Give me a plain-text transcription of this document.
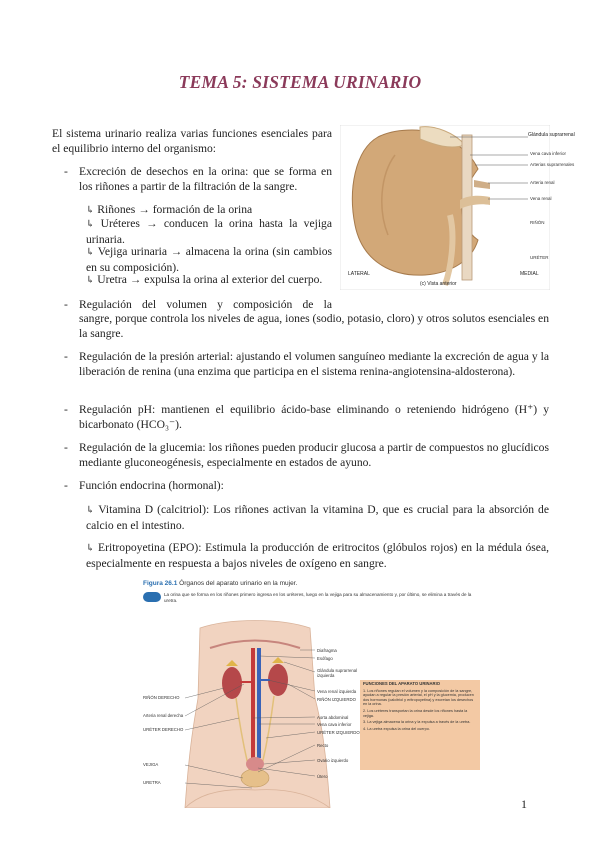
TEMA 5: SISTEMA URINARIO
El sistema urinario realiza varias funciones esenciales para el equilibrio interno del organismo:
- Excreción de desechos en la orina: que se forma en los riñones a partir de la filtración de la sangre.
↳ Riñones → formación de la orina
↳ Uréteres → conducen la orina hasta la vejiga urinaria.
↳ Vejiga urinaria → almacena la orina (sin cambios en su composición).
↳ Uretra → expulsa la orina al exterior del cuerpo.
Glándula suprarrenal
Vena cava inferior
Arterias suprarrenales
Arteria renal
Vena renal
RIÑÓN
URÉTER
LATERAL	MEDIAL
(c) Vista anterior
- Regulación del volumen y composición de la
sangre, porque controla los niveles de agua, iones (sodio, potasio, cloro) y otros solutos esenciales en la sangre.
- Regulación de la presión arterial: ajustando el volumen sanguíneo mediante la excreción de agua y la liberación de renina (una enzima que participa en el sistema renina-angiotensina-aldosterona).
- Regulación pH: mantienen el equilibrio ácido-base eliminando o reteniendo hidrógeno (H⁺) y bicarbonato (HCO₃⁻).
- Regulación de la glucemia: los riñones pueden producir glucosa a partir de compuestos no glucídicos mediante gluconeogénesis, especialmente en estados de ayuno.
- Función endocrina (hormonal):
↳ Vitamina D (calcitriol): Los riñones activan la vitamina D, que es crucial para la absorción de calcio en el intestino.
↳ Eritropoyetina (EPO): Estimula la producción de eritrocitos (glóbulos rojos) en la médula ósea, especialmente en respuesta a bajos niveles de oxígeno en sangre.
Figura 26.1 Órganos del aparato urinario en la mujer.
La orina que se forma en los riñones primero ingresa en los uréteres, luego en la vejiga para su almacenamiento y, por último, se elimina a través de la uretra.
RIÑÓN DERECHO
Arteria renal derecha
URÉTER DERECHO
VEJIGA
URETRA
Diafragma
Esófago
Glándula suprarrenal izquierda
Vena renal izquierda
RIÑÓN IZQUIERDO
Aorta abdominal
Vena cava inferior
URÉTER IZQUIERDO
Recto
Ovario izquierdo
Útero
FUNCIONES DEL APARATO URINARIO
1. Los riñones regulan el volumen y la composición de la sangre, ayudan a regular la presión arterial, el pH y la glucemia, producen dos hormonas (calcitriol y eritropoyetina) y excretan los desechos en la orina.
2. Los uréteres transportan la orina desde los riñones hasta la vejiga.
3. La vejiga almacena la orina y la expulsa a través de la uretra.
4. La uretra expulsa la orina del cuerpo.
1
